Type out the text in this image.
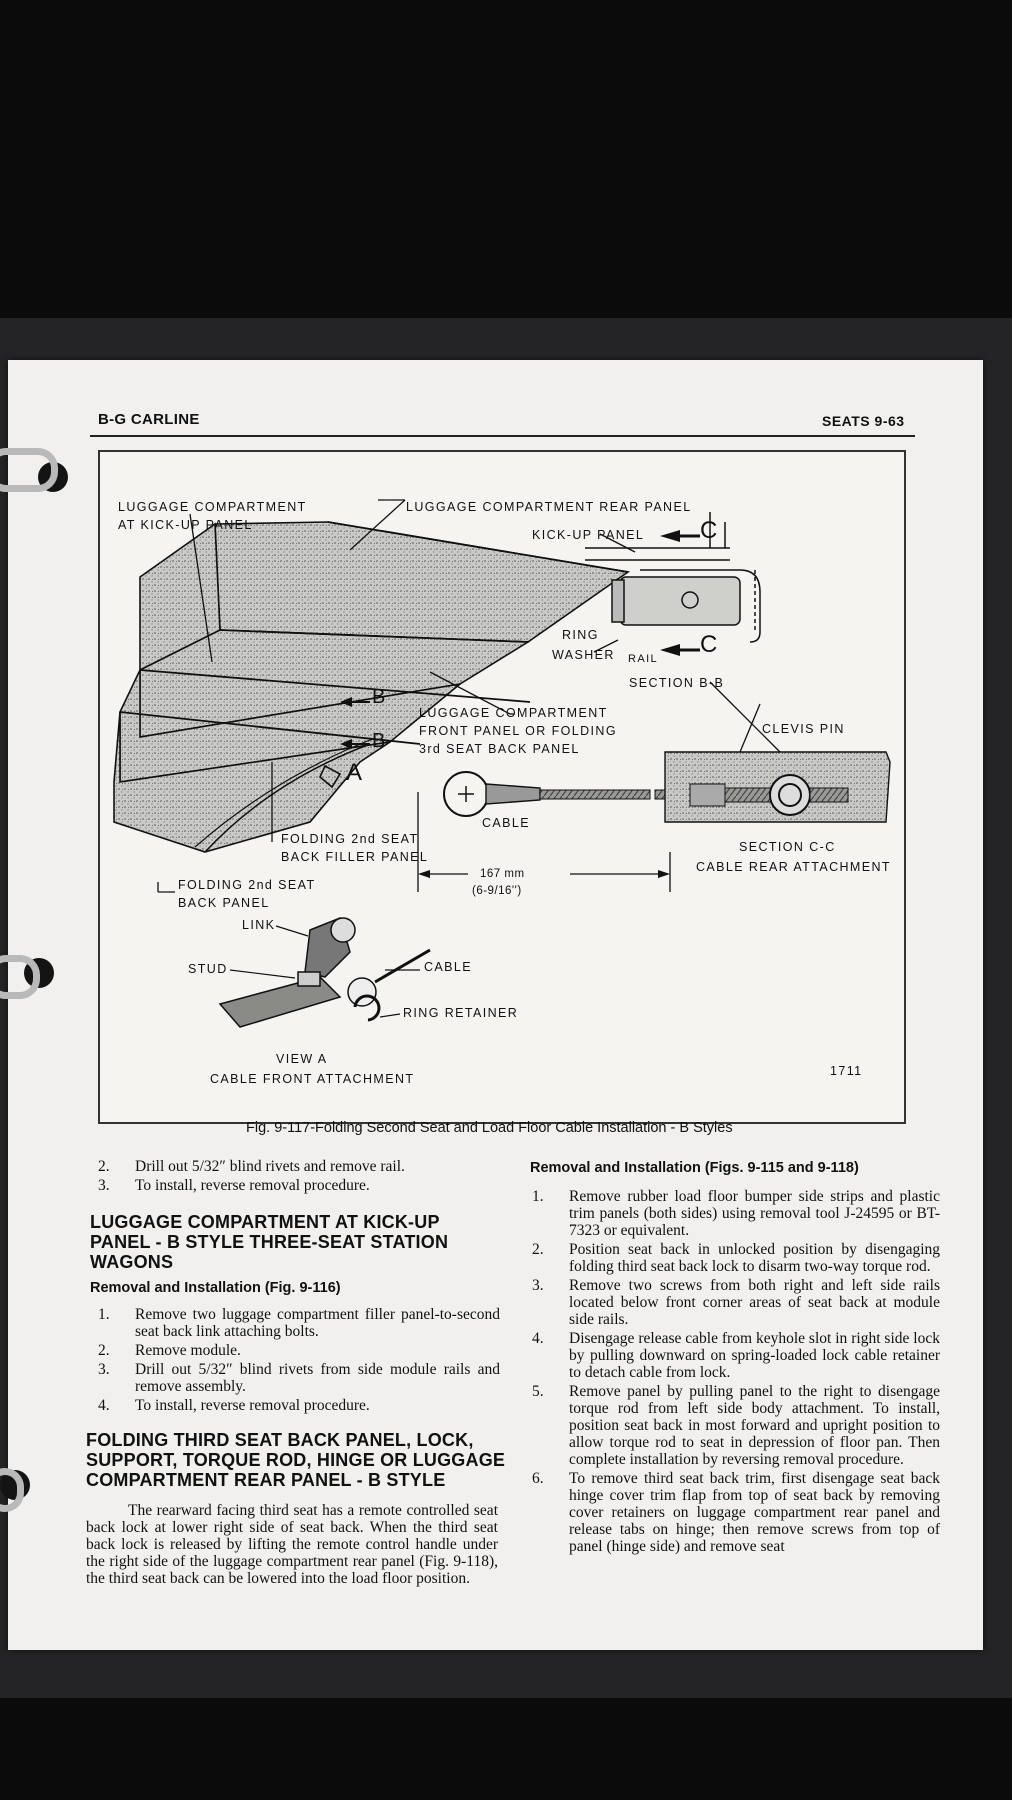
B-G CARLINE	SEATS 9-63
LUGGAGE COMPARTMENT
AT KICK-UP PANEL
LUGGAGE COMPARTMENT REAR PANEL
KICK-UP PANEL C
C
RING
WASHER RAIL
SECTION B-B
B
B
A
LUGGAGE COMPARTMENT
FRONT PANEL OR FOLDING
3rd SEAT BACK PANEL
CLEVIS PIN
CABLE
FOLDING 2nd SEAT
BACK FILLER PANEL
167 mm
(6-9/16'')
SECTION C-C
CABLE REAR ATTACHMENT
FOLDING 2nd SEAT
BACK PANEL
LINK
STUD	CABLE
RING RETAINER
VIEW A
CABLE FRONT ATTACHMENT
1711
Fig. 9-117-Folding Second Seat and Load Floor Cable Installation - B Styles
2.	Drill out 5/32″ blind rivets and remove rail.
3.	To install, reverse removal procedure.
LUGGAGE COMPARTMENT AT KICK-UP PANEL - B STYLE THREE-SEAT STATION WAGONS
Removal and Installation (Fig. 9-116)
1.	Remove two luggage compartment filler panel-to-second seat back link attaching bolts.
2.	Remove module.
3.	Drill out 5/32″ blind rivets from side module rails and remove assembly.
4.	To install, reverse removal procedure.
FOLDING THIRD SEAT BACK PANEL, LOCK, SUPPORT, TORQUE ROD, HINGE OR LUGGAGE COMPARTMENT REAR PANEL - B STYLE
The rearward facing third seat has a remote controlled seat back lock at lower right side of seat back. When the third seat back lock is released by lifting the remote control handle under the right side of the luggage compartment rear panel (Fig. 9-118), the third seat back can be lowered into the load floor position.
Removal and Installation (Figs. 9-115 and 9-118)
1.	Remove rubber load floor bumper side strips and plastic trim panels (both sides) using removal tool J-24595 or BT-7323 or equivalent.
2.	Position seat back in unlocked position by disengaging folding third seat back lock to disarm two-way torque rod.
3.	Remove two screws from both right and left side rails located below front corner areas of seat back at module side rails.
4.	Disengage release cable from keyhole slot in right side lock by pulling downward on spring-loaded lock cable retainer to detach cable from lock.
5.	Remove panel by pulling panel to the right to disengage torque rod from left side body attachment. To install, position seat back in most forward and upright position to allow torque rod to seat in depression of floor pan. Then complete installation by reversing removal procedure.
6.	To remove third seat back trim, first disengage seat back hinge cover trim flap from top of seat back by removing cover retainers on luggage compartment rear panel and release tabs on hinge; then remove screws from top of panel (hinge side) and remove seat
